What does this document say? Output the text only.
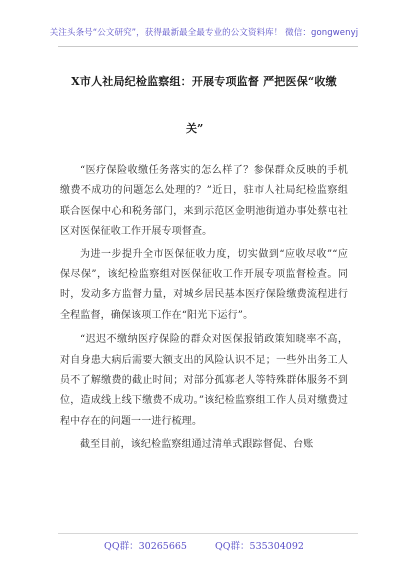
关注头条号“公文研究”，获得最新最全最专业的公文资料库！ 微信：gongwenyj
X市人社局纪检监察组：开展专项监督 严把医保“收缴
关”

“医疗保险收缴任务落实的怎么样了？参保群众反映的手机缴费不成功的问题怎么处理的？”近日，驻市人社局纪检监察组联合医保中心和税务部门，来到示范区金明池街道办事处蔡屯社区对医保征收工作开展专项督查。

为进一步提升全市医保征收力度，切实做到“应收尽收”“应保尽保”，该纪检监察组对医保征收工作开展专项监督检查。同时，发动多方监督力量，对城乡居民基本医疗保险缴费流程进行全程监督，确保该项工作在“阳光下运行”。

“迟迟不缴纳医疗保险的群众对医保报销政策知晓率不高，对自身患大病后需要大额支出的风险认识不足；一些外出务工人员不了解缴费的截止时间；对部分孤寡老人等特殊群体服务不到位，造成线上线下缴费不成功。”该纪检监察组工作人员对缴费过程中存在的问题一一进行梳理。

截至目前，该纪检监察组通过清单式跟踪督促、台账

QQ群：30265665	QQ群：535304092
